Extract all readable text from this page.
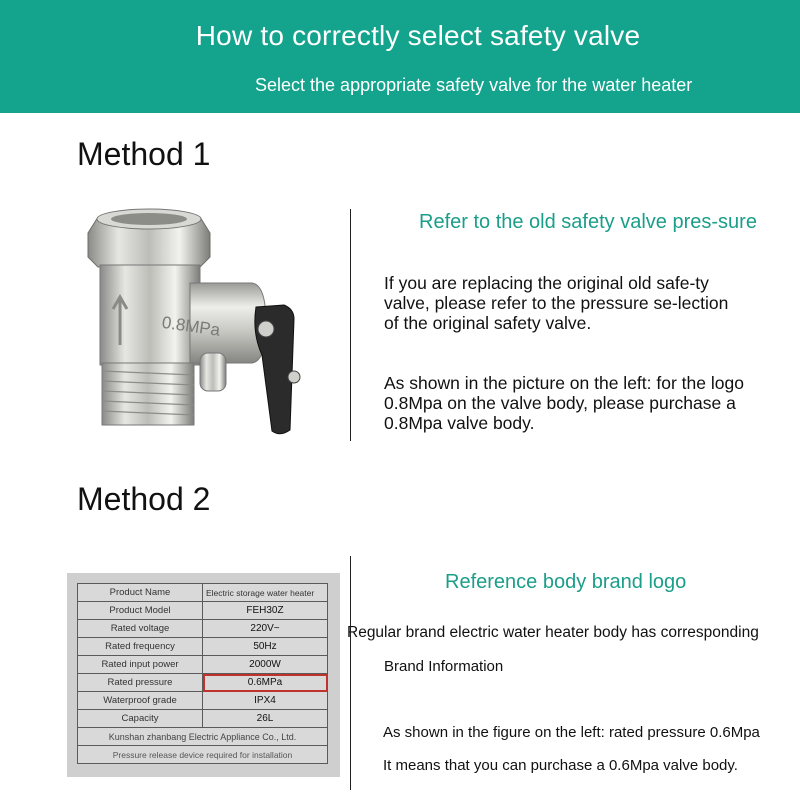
How to correctly select safety valve
Select the appropriate safety valve for the water heater
Method 1
0.8MPa
Refer to the old safety valve pres-sure
If you are replacing the original old safe-ty valve, please refer to the pressure se-lection of the original safety valve.
As shown in the picture on the left: for the logo 0.8Mpa on the valve body, please purchase a 0.8Mpa valve body.
Method 2
Product Name	Electric storage water heater
Product Model	FEH30Z
Rated voltage	220V~
Rated frequency	50Hz
Rated input power	2000W
Rated pressure	0.6MPa
Waterproof grade	IPX4
Capacity	26L
Kunshan zhanbang Electric Appliance Co., Ltd.	
Pressure release device required for installation	
Reference body brand logo
Regular brand electric water heater body has corresponding
Brand Information
As shown in the figure on the left: rated pressure 0.6Mpa
It means that you can purchase a 0.6Mpa valve body.
